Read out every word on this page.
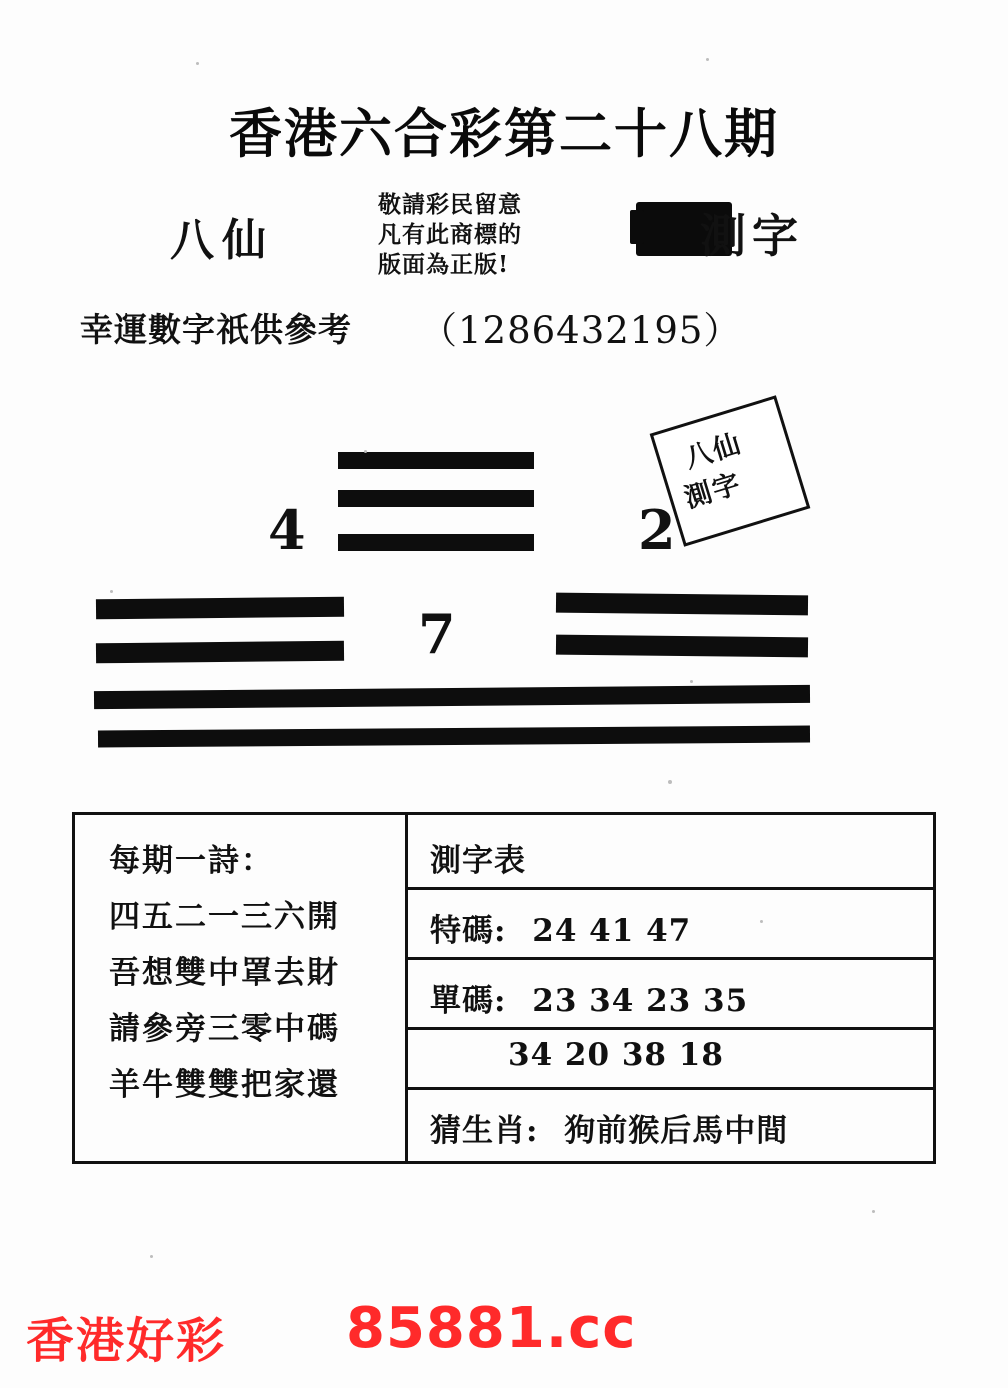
香港六合彩第二十八期
八仙
敬請彩民留意
凡有此商標的
版面為正版!
測字
幸運數字祇供參考 （1286432195）
4	2
八仙
測字
7
每期一詩：
四五二一三六開
吾想雙中罩去財
請參旁三零中碼
羊牛雙雙把家還
測字表
特碼: 24 41 47
單碼: 23 34 23 35
34 20 38 18
猜生肖: 狗前猴后馬中間
香港好彩 85881.cc
